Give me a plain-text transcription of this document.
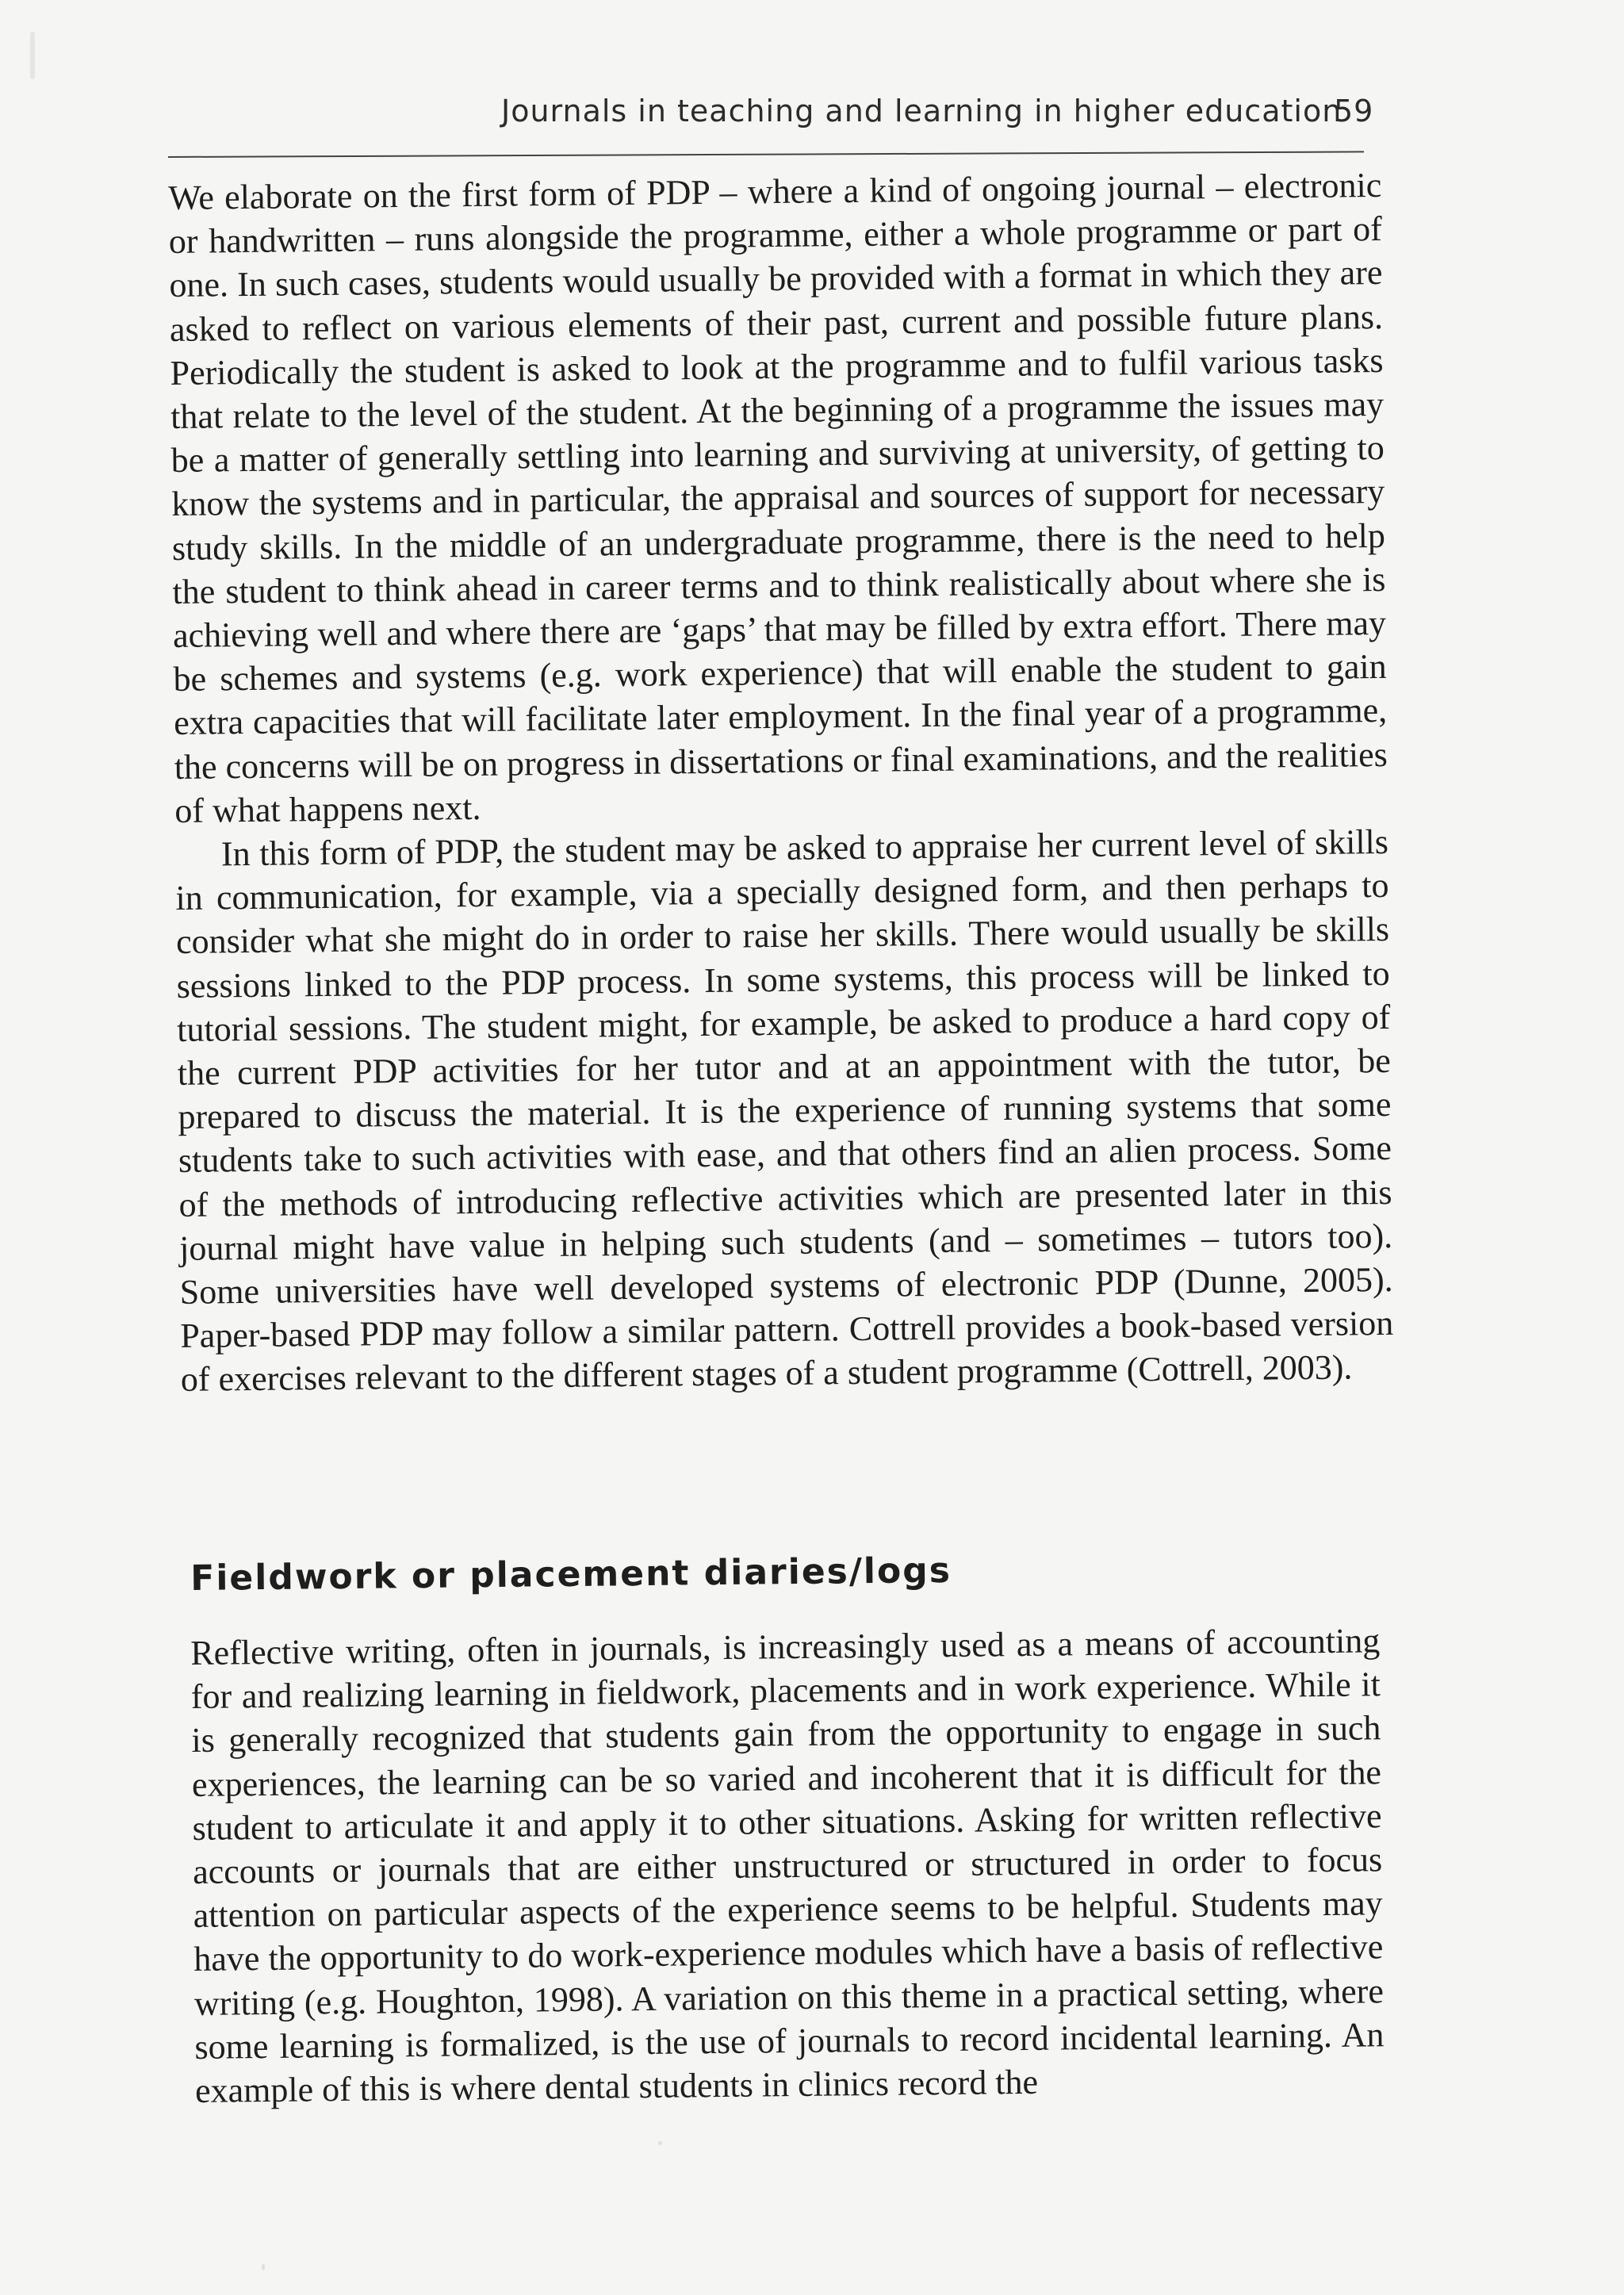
Journals in teaching and learning in higher education
59

We elaborate on the first form of PDP – where a kind of ongoing journal – electronic or handwritten – runs alongside the programme, either a whole programme or part of one. In such cases, students would usually be provided with a format in which they are asked to reflect on various elements of their past, current and possible future plans. Periodically the student is asked to look at the programme and to fulfil various tasks that relate to the level of the student. At the beginning of a programme the issues may be a matter of generally settling into learning and surviving at university, of getting to know the systems and in particular, the appraisal and sources of support for necessary study skills. In the middle of an undergraduate programme, there is the need to help the student to think ahead in career terms and to think realistically about where she is achieving well and where there are ‘gaps’ that may be filled by extra effort. There may be schemes and systems (e.g. work experience) that will enable the student to gain extra capacities that will facilitate later employment. In the final year of a programme, the concerns will be on progress in dissertations or final examinations, and the realities of what happens next.

In this form of PDP, the student may be asked to appraise her current level of skills in communication, for example, via a specially designed form, and then perhaps to consider what she might do in order to raise her skills. There would usually be skills sessions linked to the PDP process. In some systems, this process will be linked to tutorial sessions. The student might, for example, be asked to produce a hard copy of the current PDP activities for her tutor and at an appointment with the tutor, be prepared to discuss the material. It is the experience of running systems that some students take to such activities with ease, and that others find an alien process. Some of the methods of introducing reflective activities which are presented later in this journal might have value in helping such students (and – sometimes – tutors too). Some universities have well developed systems of electronic PDP (Dunne, 2005). Paper-based PDP may follow a similar pattern. Cottrell provides a book-based version of exercises relevant to the different stages of a student programme (Cottrell, 2003).

Fieldwork or placement diaries/logs

Reflective writing, often in journals, is increasingly used as a means of accounting for and realizing learning in fieldwork, placements and in work experience. While it is generally recognized that students gain from the opportunity to engage in such experiences, the learning can be so varied and incoherent that it is difficult for the student to articulate it and apply it to other situations. Asking for written reflective accounts or journals that are either unstructured or structured in order to focus attention on particular aspects of the experience seems to be helpful. Students may have the opportunity to do work-experience modules which have a basis of reflective writing (e.g. Houghton, 1998). A variation on this theme in a practical setting, where some learning is formalized, is the use of journals to record incidental learning. An example of this is where dental students in clinics record the
